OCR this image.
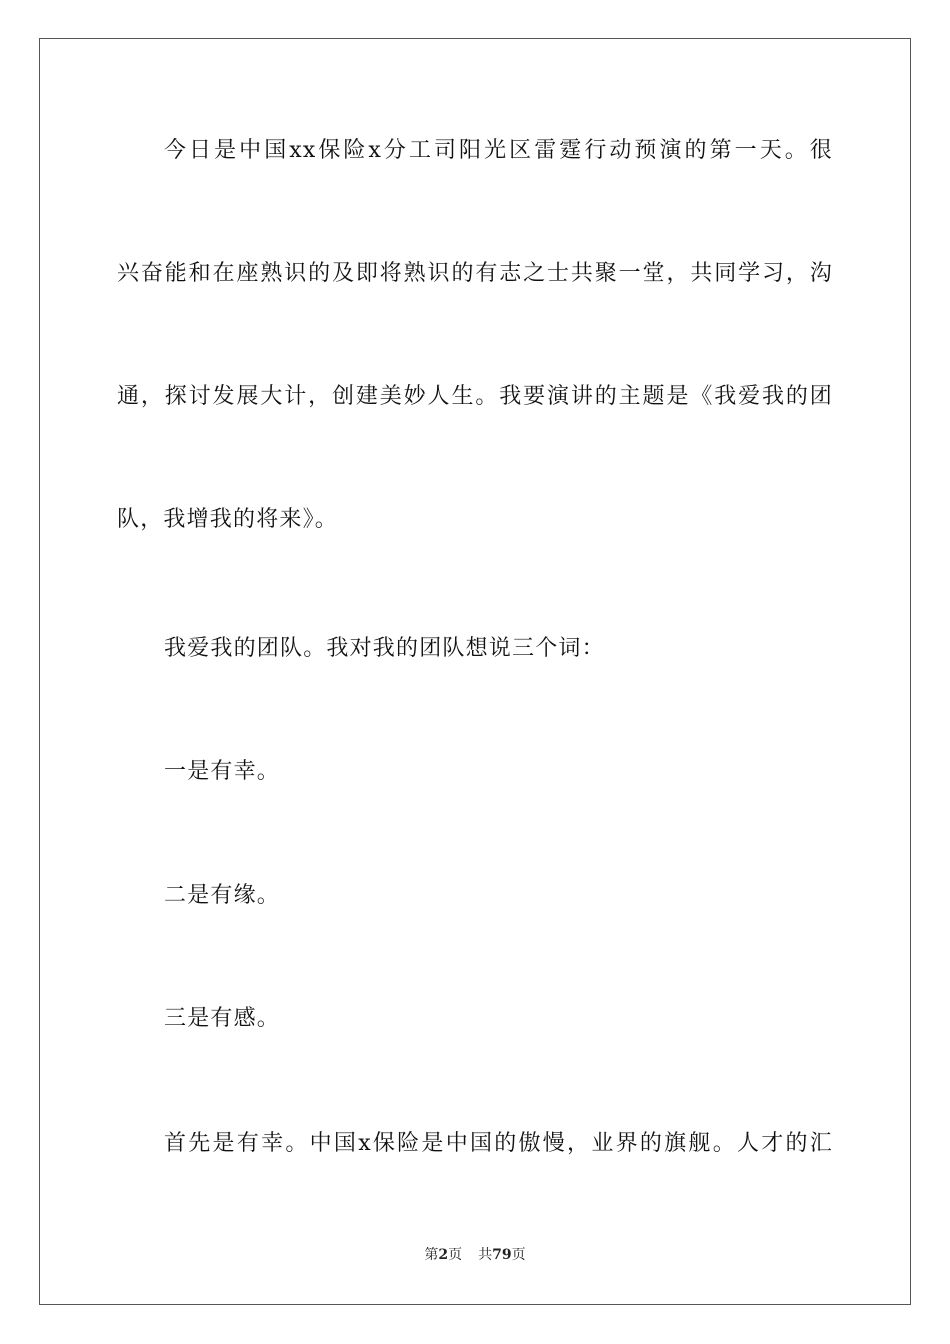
今日是中国xx保险x分工司阳光区雷霆行动预演的第一天。很
兴奋能和在座熟识的及即将熟识的有志之士共聚一堂，共同学习，沟
通，探讨发展大计，创建美妙人生。我要演讲的主题是《我爱我的团
队，我增我的将来》。
我爱我的团队。我对我的团队想说三个词：
一是有幸。
二是有缘。
三是有感。
首先是有幸。中国x保险是中国的傲慢，业界的旗舰。人才的汇
第2页 共79页
